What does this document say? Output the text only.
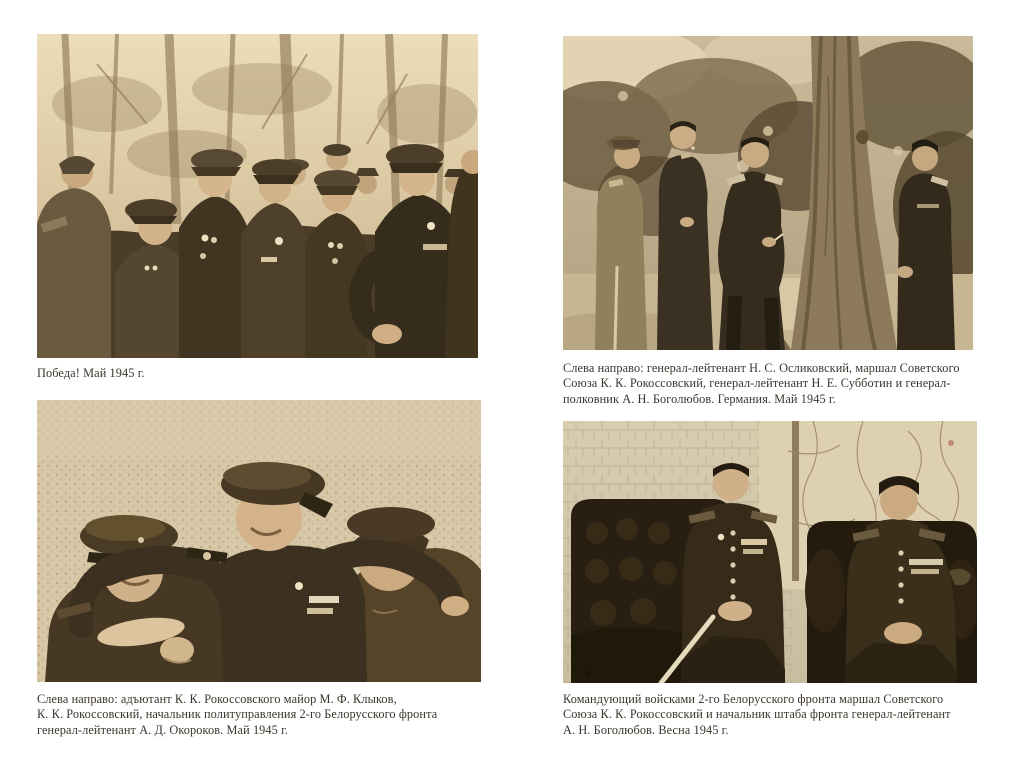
Победа! Май 1945 г.	Слева направо: генерал-лейтенант Н. С. Осликовский, маршал Советского
Союза К. К. Рокоссовский, генерал-лейтенант Н. Е. Субботин и генерал-
полковник А. Н. Боголюбов. Германия. Май 1945 г.
Слева направо: адъютант К. К. Рокоссовского майор М. Ф. Клыков,
К. К. Рокоссовский, начальник политуправления 2-го Белорусского фронта
генерал-лейтенант А. Д. Окороков. Май 1945 г.
Командующий войсками 2-го Белорусского фронта маршал Советского
Союза К. К. Рокоссовский и начальник штаба фронта генерал-лейтенант
А. Н. Боголюбов. Весна 1945 г.
